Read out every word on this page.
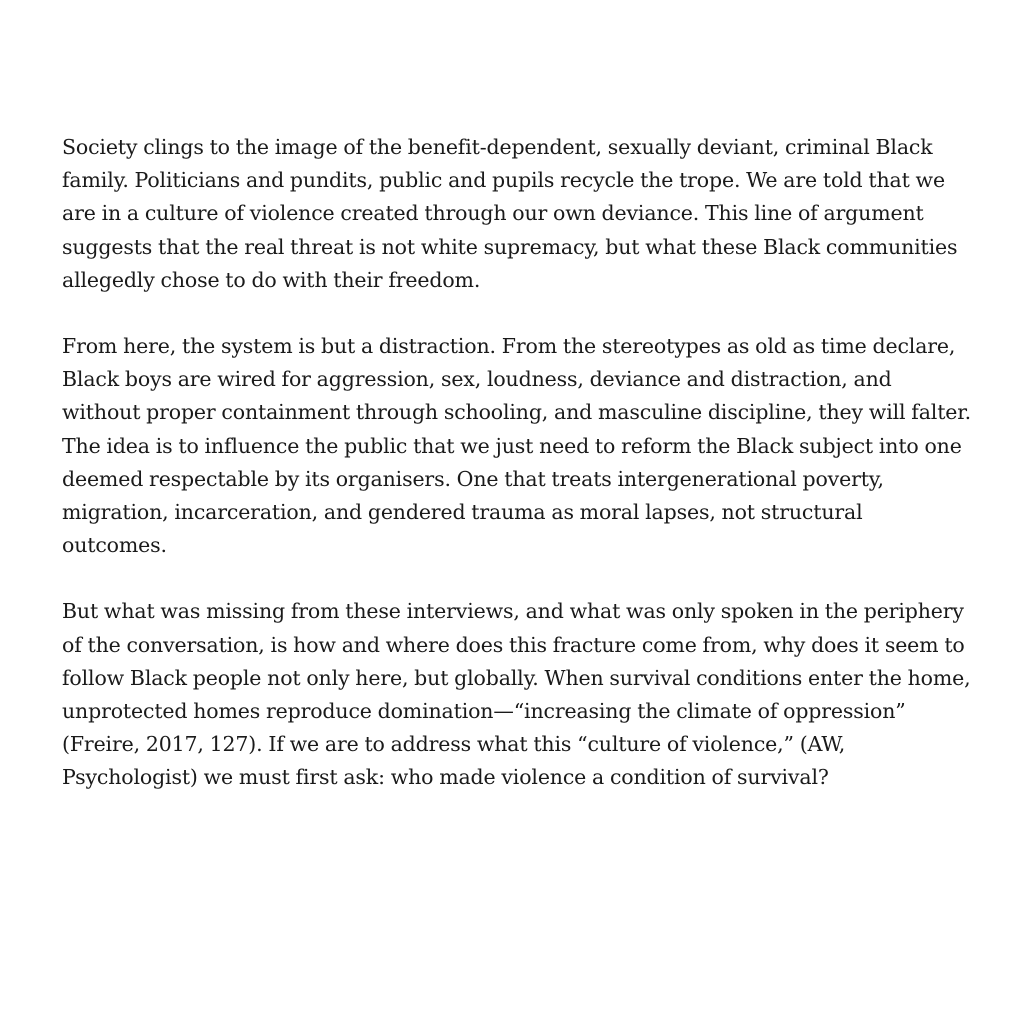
Society clings to the image of the benefit-dependent, sexually deviant, criminal Black family. Politicians and pundits, public and pupils recycle the trope. We are told that we are in a culture of violence created through our own deviance. This line of argument suggests that the real threat is not white supremacy, but what these Black communities allegedly chose to do with their freedom.

From here, the system is but a distraction. From the stereotypes as old as time declare, Black boys are wired for aggression, sex, loudness, deviance and distraction, and without proper containment through schooling, and masculine discipline, they will falter. The idea is to influence the public that we just need to reform the Black subject into one deemed respectable by its organisers. One that treats intergenerational poverty, migration, incarceration, and gendered trauma as moral lapses, not structural outcomes.

But what was missing from these interviews, and what was only spoken in the periphery of the conversation, is how and where does this fracture come from, why does it seem to follow Black people not only here, but globally. When survival conditions enter the home, unprotected homes reproduce domination—“increasing the climate of oppression” (Freire, 2017, 127). If we are to address what this “culture of violence,” (AW, Psychologist) we must first ask: who made violence a condition of survival?
